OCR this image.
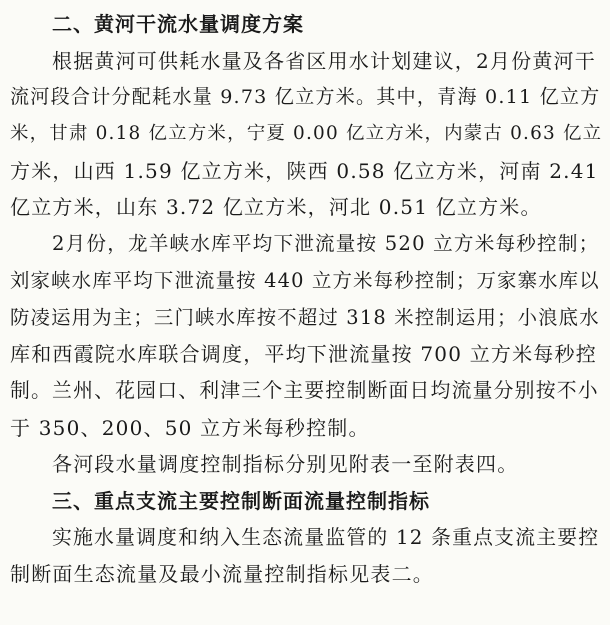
二、黄河干流水量调度方案
根据黄河可供耗水量及各省区用水计划建议，2月份黄河干
流河段合计分配耗水量 9.73 亿立方米。其中，青海 0.11 亿立方
米，甘肃 0.18 亿立方米，宁夏 0.00 亿立方米，内蒙古 0.63 亿立
方米，山西 1.59 亿立方米，陕西 0.58 亿立方米，河南 2.41
亿立方米，山东 3.72 亿立方米，河北 0.51 亿立方米。
2月份，龙羊峡水库平均下泄流量按 520 立方米每秒控制；
刘家峡水库平均下泄流量按 440 立方米每秒控制；万家寨水库以
防凌运用为主；三门峡水库按不超过 318 米控制运用；小浪底水
库和西霞院水库联合调度，平均下泄流量按 700 立方米每秒控
制。兰州、花园口、利津三个主要控制断面日均流量分别按不小
于 350、200、50 立方米每秒控制。
各河段水量调度控制指标分别见附表一至附表四。
三、重点支流主要控制断面流量控制指标
实施水量调度和纳入生态流量监管的 12 条重点支流主要控
制断面生态流量及最小流量控制指标见表二。
